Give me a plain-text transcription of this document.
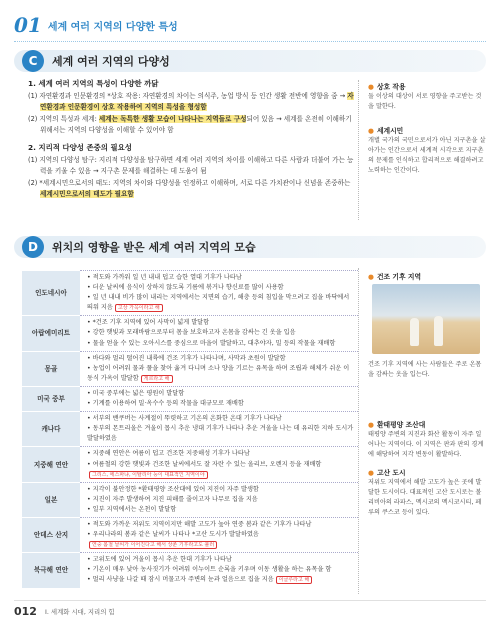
01 세계 여러 지역의 다양한 특성
C	세계 여러 지역의 다양성
1. 세계 여러 지역의 특성이 다양한 까닭
(1) 자연환경과 인문환경의 *상호 작용: 자연환경의 차이는 의식주, 농업 방식 등 인간 생활 전반에 영향을 줌 → 자연환경과 인문환경이 상호 작용하여 지역의 특성을 형성함
(2) 지역의 특성과 세계: 세계는 독특한 생활 모습이 나타나는 지역들로 구성되어 있음 → 세계를 온전히 이해하기 위해서는 지역의 다양성을 이해할 수 있어야 함
2. 지리적 다양성 존중의 필요성
(1) 지역의 다양성 탐구: 지리적 다양성을 탐구하면 세계 여러 지역의 차이를 이해하고 다른 사람과 더불어 가는 능력을 키울 수 있음 → 지구촌 문제를 해결하는 데 도움이 됨
(2) *세계시민으로서의 태도: 지역의 차이와 다양성을 인정하고 이해하며, 서로 다른 가치관이나 신념을 존중하는 세계시민으로서의 태도가 필요함
● 상호 작용
둘 이상의 대상이 서로 영향을 주고받는 것을 말한다.
● 세계시민
개별 국가의 국민으로서가 아닌 지구촌을 살아가는 인간으로서 세계적 시각으로 지구촌의 문제를 인식하고 합리적으로 해결하려고 노력하는 인간이다.
D	위치의 영향을 받은 세계 여러 지역의 모습
인도네시아	• 적도와 가까워 일 년 내내 덥고 습한 열대 기후가 나타남
• 더운 날씨에 음식이 상하지 않도록 기름에 볶거나 향신료를 많이 사용함
• 일 년 내내 비가 많이 내리는 지역에서는 지면의 습기, 해충 등의 침입을 막으려고 집을 바닥에서 띄워 지음 고상 가옥이라고 해

아랍에미리트	• *건조 기후 지역에 있어 사막이 넓게 발달함
• 강한 햇빛과 모래바람으로부터 몸을 보호하고자 온몸을 감싸는 긴 옷을 입음
• 물을 얻을 수 있는 오아시스를 중심으로 마을이 발달하고, 대추야자, 밀 등의 작물을 재배함

몽골	• 바다와 멀리 떨어진 내륙에 건조 기후가 나타나며, 사막과 초원이 발달함
• 농업이 어려워 물과 풀을 찾아 옮겨 다니며 소나 양을 기르는 유목을 하며 조립과 해체가 쉬운 이동식 가옥이 발달함 게르라고 해

미국 중부	• 미국 중부에는 넓은 평원이 발달함
• 기계를 이용하여 밀·옥수수 등의 작물을 대규모로 재배함

캐나다	• 서부의 밴쿠버는 사계절이 뚜렷하고 기온의 온화한 온대 기후가 나타남
• 동부의 몬트리올은 겨울이 몹시 추운 냉대 기후가 나타나 추운 겨울을 나는 데 유리한 지하 도시가 발달하였음

지중해 연안	• 지중해 연안은 여름이 덥고 건조한 지중해성 기후가 나타남
• 여름철의 강한 햇빛과 건조한 날씨에서도 잘 자란 수 있는 올리브, 오렌지 등을 재배함
그리스, 에스파냐, 이탈리아 등이 대표적인 지역이야

일본	• 지각이 불안정한 *환태평양 조산대에 있어 지진이 자주 발생함
• 지진이 자주 발생하여 지진 피해를 줄이고자 나무로 집을 지음
• 일부 지역에서는 온천이 발달함

안데스 산지	• 적도와 가까운 저위도 지역이지만 해발 고도가 높아 연중 봄과 같은 기후가 나타남
• 우리나라의 봄과 같은 날씨가 나타나 *고산 도시가 발달하였음
연중 봄철 날씨가 이어진다고 해서 상춘 기후라고도 불러

북극해 연안	• 고위도에 있어 겨울이 몹시 추운 한대 기후가 나타남
• 기온이 매우 낮아 농사짓기가 어려워 이누이트 순록을 키우며 이동 생활을 하는 유목을 함
• 멀리 사냥을 나갈 때 잠시 머물고자 주변의 눈과 얼음으로 집을 지음 이글루라고 해
● 건조 기후 지역
건조 기후 지역에 사는 사람들은 주로 온몸을 감싸는 옷을 입는다.
● 환태평양 조산대
태평양 주변의 지진과 화산 활동이 자주 일어나는 지역이다. 이 지역은 판과 판의 경계에 해당하여 지각 변동이 활발하다.
● 고산 도시
저위도 지역에서 해발 고도가 높은 곳에 발달한 도시이다. 대표적인 고산 도시로는 볼리비아의 라파스, 멕시코의 멕시코시티, 페루의 쿠스코 등이 있다.
012 I. 세계화 시대, 지리의 힘
